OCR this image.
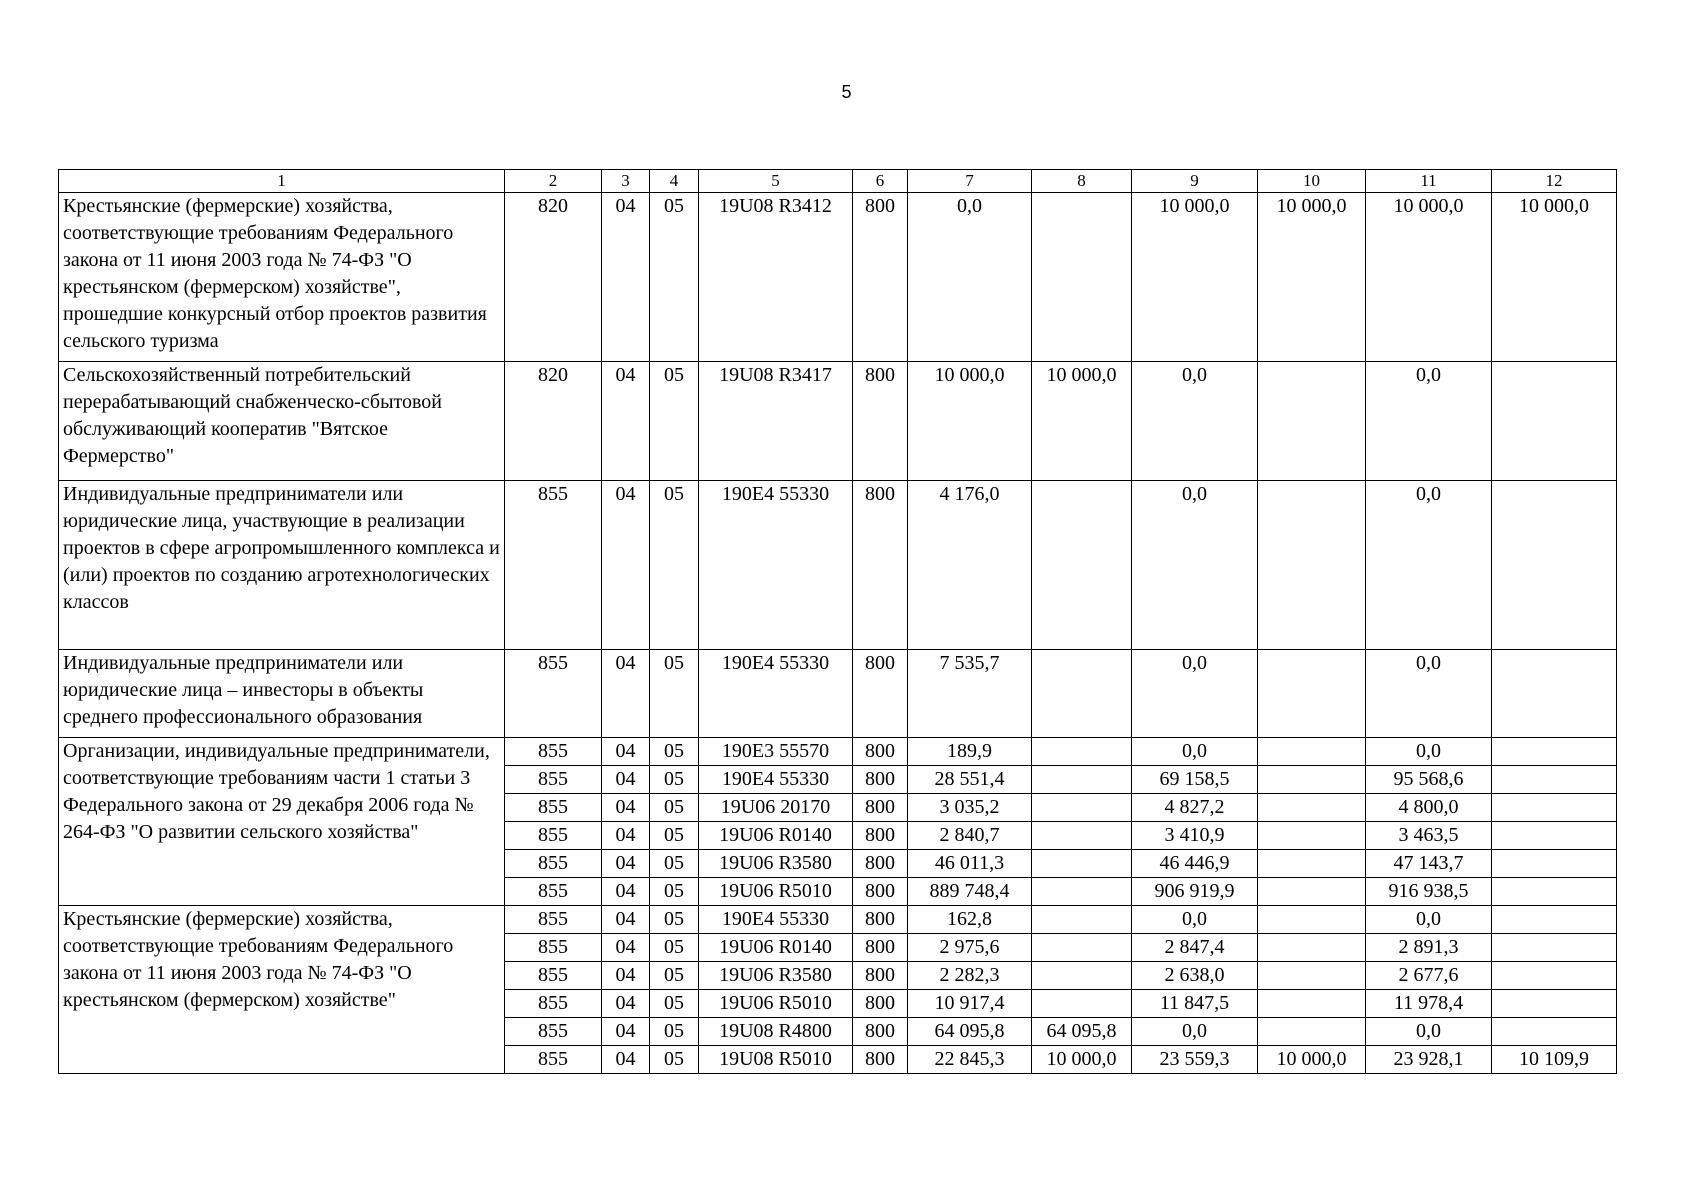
5
1	2	3	4	5	6	7	8	9	10	11	12
Крестьянские (фермерские) хозяйства, соответствующие требованиям Федерального закона от 11 июня 2003 года № 74-ФЗ "О крестьянском (фермерском) хозяйстве", прошедшие конкурсный отбор проектов развития сельского туризма	820	04	05	19U08 R3412	800	0,0		10 000,0	10 000,0	10 000,0	10 000,0
Сельскохозяйственный потребительский перерабатывающий снабженческо-сбытовой обслуживающий кооператив "Вятское Фермерство"	820	04	05	19U08 R3417	800	10 000,0	10 000,0	0,0		0,0	
Индивидуальные предприниматели или юридические лица, участвующие в реализации проектов в сфере агропромышленного комплекса и (или) проектов по созданию агротехнологических классов	855	04	05	190E4 55330	800	4 176,0		0,0		0,0	
Индивидуальные предприниматели или юридические лица – инвесторы в объекты среднего профессионального образования	855	04	05	190E4 55330	800	7 535,7		0,0		0,0	
Организации, индивидуальные предприниматели, соответствующие требованиям части 1 статьи 3 Федерального закона от 29 декабря 2006 года № 264-ФЗ "О развитии сельского хозяйства"	855	04	05	190E3 55570	800	189,9		0,0		0,0	
	855	04	05	190E4 55330	800	28 551,4		69 158,5		95 568,6	
	855	04	05	19U06 20170	800	3 035,2		4 827,2		4 800,0	
	855	04	05	19U06 R0140	800	2 840,7		3 410,9		3 463,5	
	855	04	05	19U06 R3580	800	46 011,3		46 446,9		47 143,7	
	855	04	05	19U06 R5010	800	889 748,4		906 919,9		916 938,5	
Крестьянские (фермерские) хозяйства, соответствующие требованиям Федерального закона от 11 июня 2003 года № 74-ФЗ "О крестьянском (фермерском) хозяйстве"	855	04	05	190E4 55330	800	162,8		0,0		0,0	
	855	04	05	19U06 R0140	800	2 975,6		2 847,4		2 891,3	
	855	04	05	19U06 R3580	800	2 282,3		2 638,0		2 677,6	
	855	04	05	19U06 R5010	800	10 917,4		11 847,5		11 978,4	
	855	04	05	19U08 R4800	800	64 095,8	64 095,8	0,0		0,0	
	855	04	05	19U08 R5010	800	22 845,3	10 000,0	23 559,3	10 000,0	23 928,1	10 109,9
